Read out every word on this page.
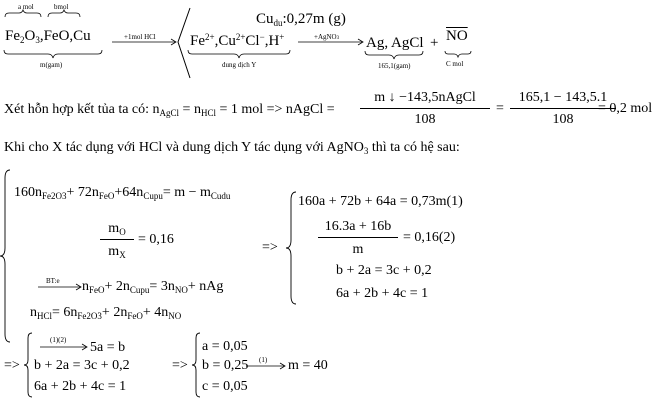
a mol	bmol
$Fe_2O_3,FeO,Cu$
m(gam)
+1mol HCl
$Cu_{du}:0,27m$ (g)
$Fe^{2+},Cu^{2+}Cl^-,H^+$
dung dịch Y
+AgNO3 Ag, AgCl
165,1(gam)
+ $\overline{NO}$
C mol
Xét hỗn hợp kết tủa ta có: $n_{AgCl} = n_{HCl} = 1$ mol => nAgCl =
m ↓ −143,5nAgCl
108
=
165,1 − 143,5.1
108
= 0,2 mol
Khi cho X tác dụng với HCl và dung dịch Y tác dụng với AgNO$_3$ thì ta có hệ sau:
$160n_{Fe2O3}+ 72n_{FeO}+64n_{Cupu}= m - m_{Cudu}$
$m_O$
$m_X$
= 0,16
BT:e $n_{FeO}+ 2n_{Cupu}= 3n_{NO}+$ nAg
$n_{HCl}= 6n_{Fe2O3}+ 2n_{FeO}+ 4n_{NO}$
=>
160a + 72b + 64a = 0,73m(1)
16.3a + 16b
m
= 0,16(2)
b + 2a = 3c + 0,2
6a + 2b + 4c = 1
=>
(1)(2) 5a = b
b + 2a = 3c + 0,2
6a + 2b + 4c = 1
=>
a = 0,05
b = 0,25 (1) m = 40
c = 0,05
